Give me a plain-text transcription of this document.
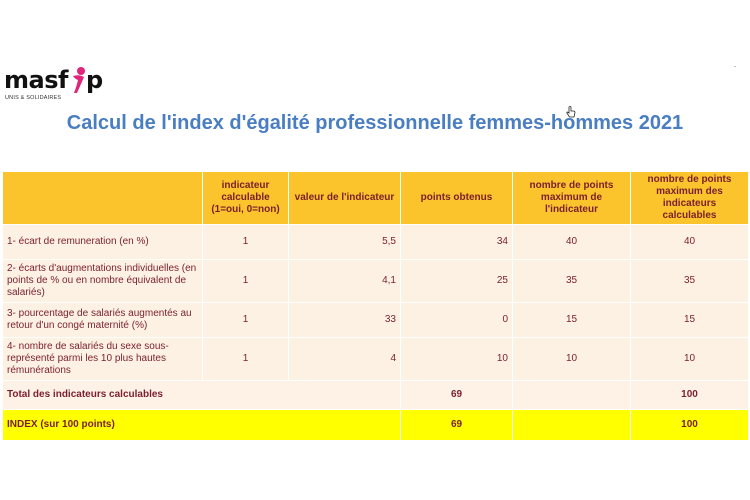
masf p
UNIS & SOLIDAIRES
Calcul de l'index d'égalité professionnelle femmes-hommes 2021
	indicateur calculable (1=oui, 0=non)	valeur de l'indicateur	points obtenus	nombre de points maximum de l'indicateur	nombre de points maximum des indicateurs calculables
1- écart de remuneration (en %)	1	5,5	34	40	40
2- écarts d'augmentations individuelles (en points de % ou en nombre équivalent de salariés)	1	4,1	25	35	35
3- pourcentage de salariés augmentés au retour d'un congé maternité (%)	1	33	0	15	15
4- nombre de salariés du sexe sous-représenté parmi les 10 plus hautes rémunérations	1	4	10	10	10
Total des indicateurs calculables			69		100
INDEX (sur 100 points)			69		100
